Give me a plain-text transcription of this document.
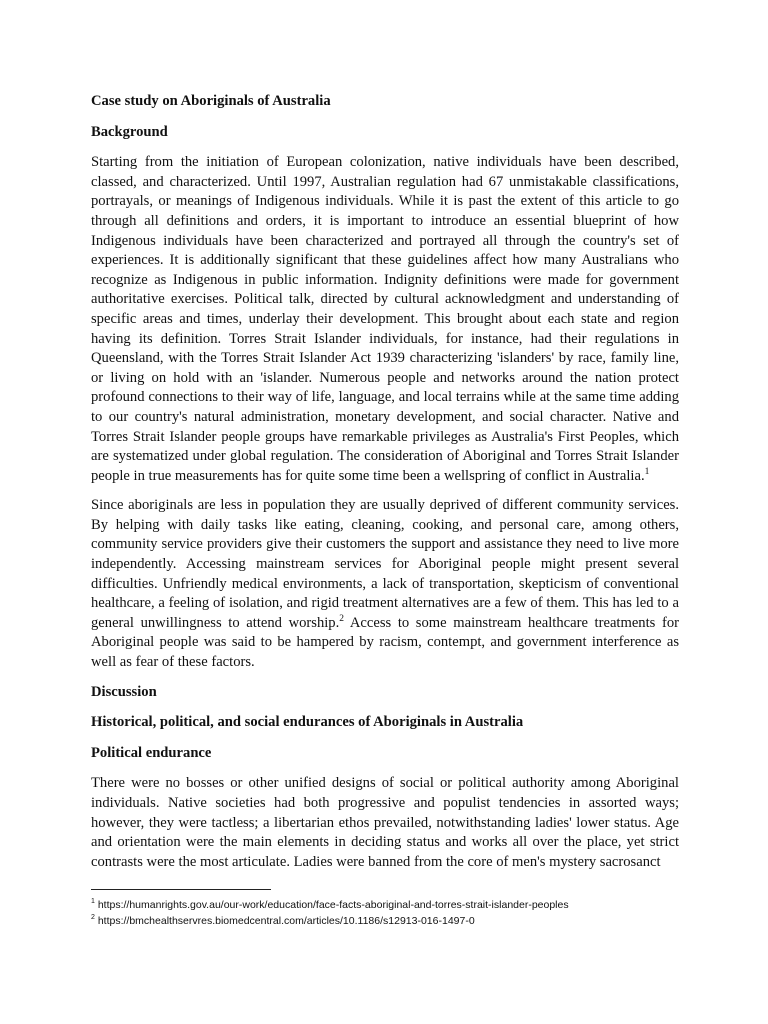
Case study on Aboriginals of Australia
Background
Starting from the initiation of European colonization, native individuals have been described, classed, and characterized. Until 1997, Australian regulation had 67 unmistakable classifications, portrayals, or meanings of Indigenous individuals. While it is past the extent of this article to go through all definitions and orders, it is important to introduce an essential blueprint of how Indigenous individuals have been characterized and portrayed all through the country's set of experiences. It is additionally significant that these guidelines affect how many Australians who recognize as Indigenous in public information. Indignity definitions were made for government authoritative exercises. Political talk, directed by cultural acknowledgment and understanding of specific areas and times, underlay their development. This brought about each state and region having its definition. Torres Strait Islander individuals, for instance, had their regulations in Queensland, with the Torres Strait Islander Act 1939 characterizing 'islanders' by race, family line, or living on hold with an 'islander. Numerous people and networks around the nation protect profound connections to their way of life, language, and local terrains while at the same time adding to our country's natural administration, monetary development, and social character. Native and Torres Strait Islander people groups have remarkable privileges as Australia's First Peoples, which are systematized under global regulation. The consideration of Aboriginal and Torres Strait Islander people in true measurements has for quite some time been a wellspring of conflict in Australia.$^1$
Since aboriginals are less in population they are usually deprived of different community services. By helping with daily tasks like eating, cleaning, cooking, and personal care, among others, community service providers give their customers the support and assistance they need to live more independently. Accessing mainstream services for Aboriginal people might present several difficulties. Unfriendly medical environments, a lack of transportation, skepticism of conventional healthcare, a feeling of isolation, and rigid treatment alternatives are a few of them. This has led to a general unwillingness to attend worship.$^2$ Access to some mainstream healthcare treatments for Aboriginal people was said to be hampered by racism, contempt, and government interference as well as fear of these factors.
Discussion
Historical, political, and social endurances of Aboriginals in Australia
Political endurance
There were no bosses or other unified designs of social or political authority among Aboriginal individuals. Native societies had both progressive and populist tendencies in assorted ways; however, they were tactless; a libertarian ethos prevailed, notwithstanding ladies' lower status. Age and orientation were the main elements in deciding status and works all over the place, yet strict contrasts were the most articulate. Ladies were banned from the core of men's mystery sacrosanct
$^1$ https://humanrights.gov.au/our-work/education/face-facts-aboriginal-and-torres-strait-islander-peoples
$^2$ https://bmchealthservres.biomedcentral.com/articles/10.1186/s12913-016-1497-0
